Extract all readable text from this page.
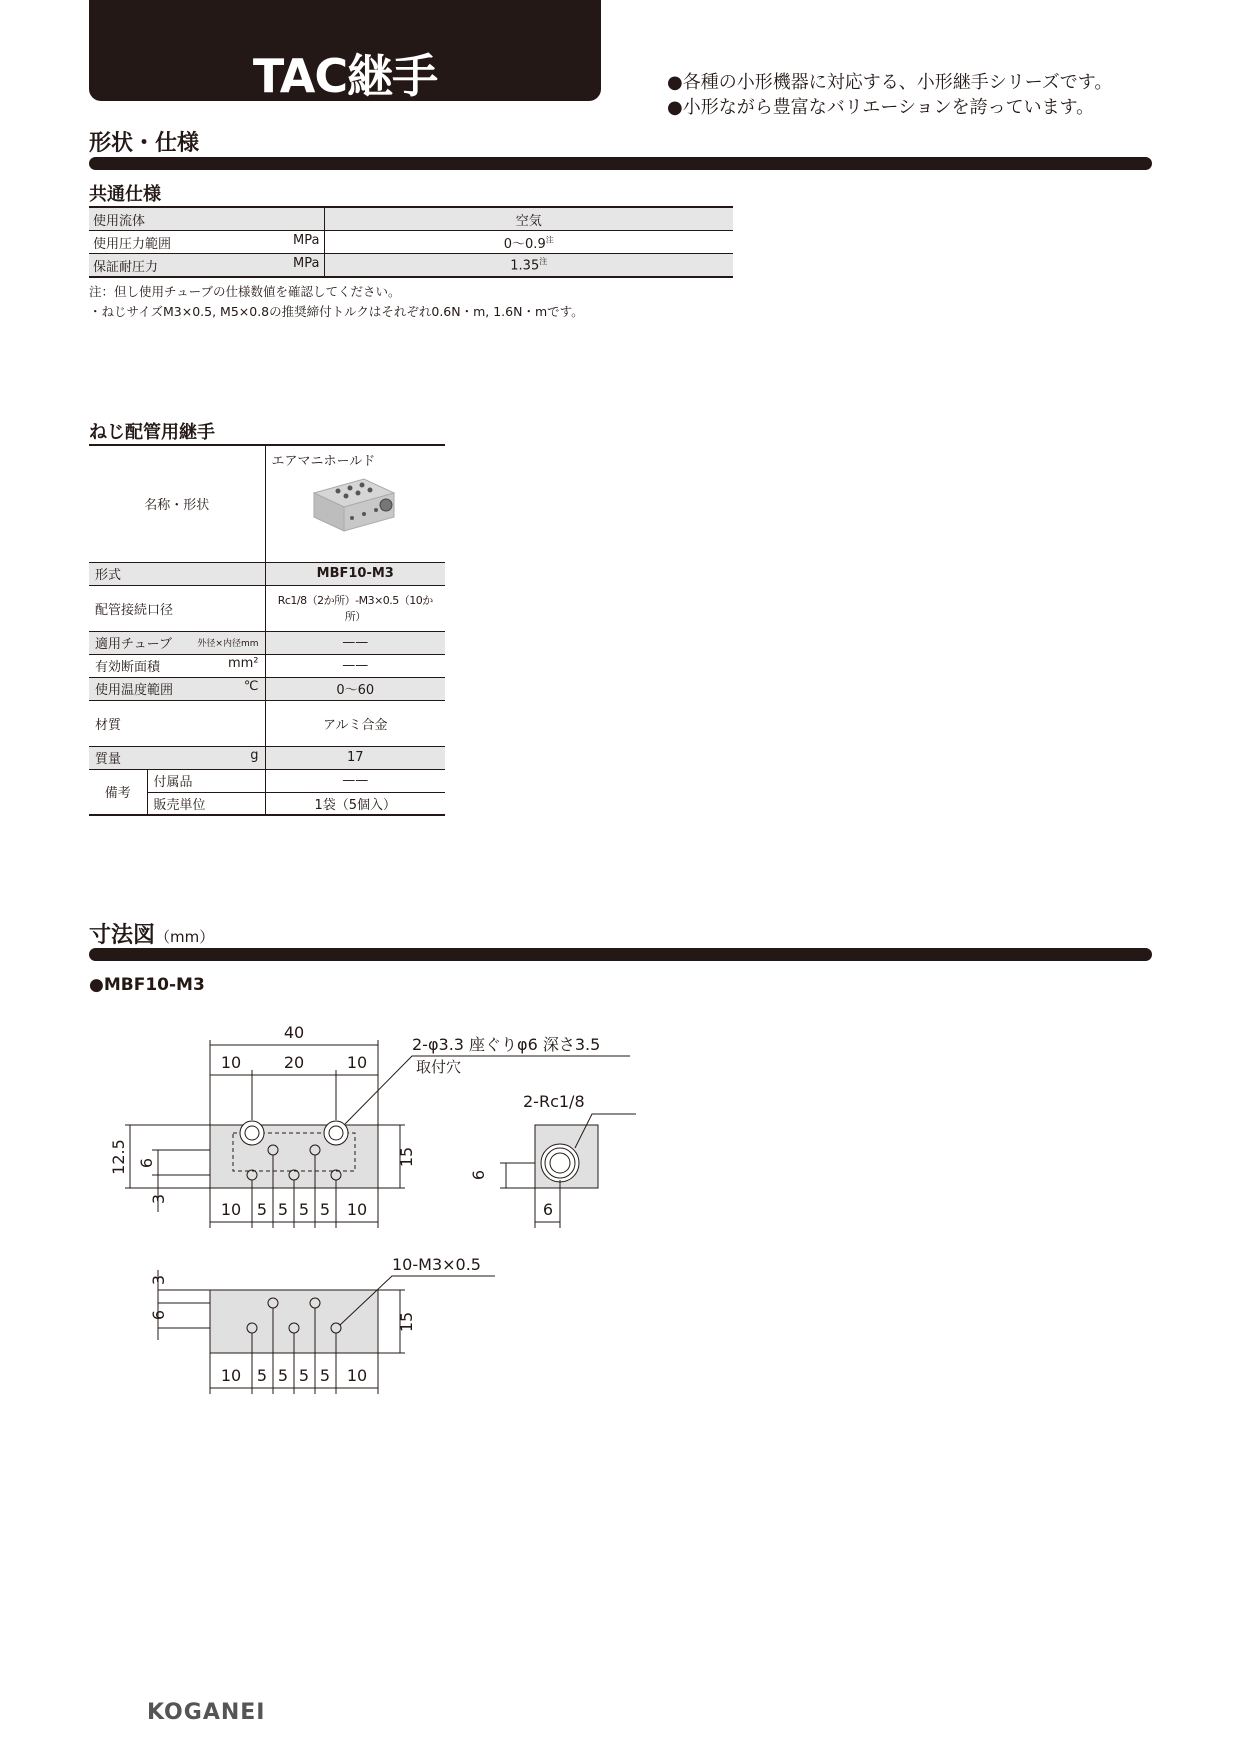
TAC継手	●各種の小形機器に対応する、小形継手シリーズです。
●小形ながら豊富なバリエーションを誇っています。
形状・仕様
共通仕様
使用流体	空気
使用圧力範囲 MPa	0〜$0.9^注$
保証耐圧力 MPa	$1.35^注$
注：但し使用チューブの仕様数値を確認してください。
・ねじサイズM3×0.5, M5×0.8の推奨締付トルクはそれぞれ0.6N・m, 1.6N・mです。
ねじ配管用継手
名称・形状		エアマニホールド

形式		MBF10-M3
配管接続口径		Rc1/8（2か所）-M3×0.5（10か所）
適用チューブ 外径×内径mm		——
有効断面積 mm²		——
使用温度範囲 ℃		0〜60
材質		アルミ合金
質量 g		17
備考	付属品	——
	販売単位	1袋（5個入）
寸法図（mm）
●MBF10-M3
40
10	20	10
2-φ3.3 座ぐりφ6 深さ3.5
取付穴
2-Rc1/8
12.5 6
3
15
6
6
10 5 5 5 5 10
10-M3×0.5
3
6	15
10 5 5 5 5 10
KOGANEI
